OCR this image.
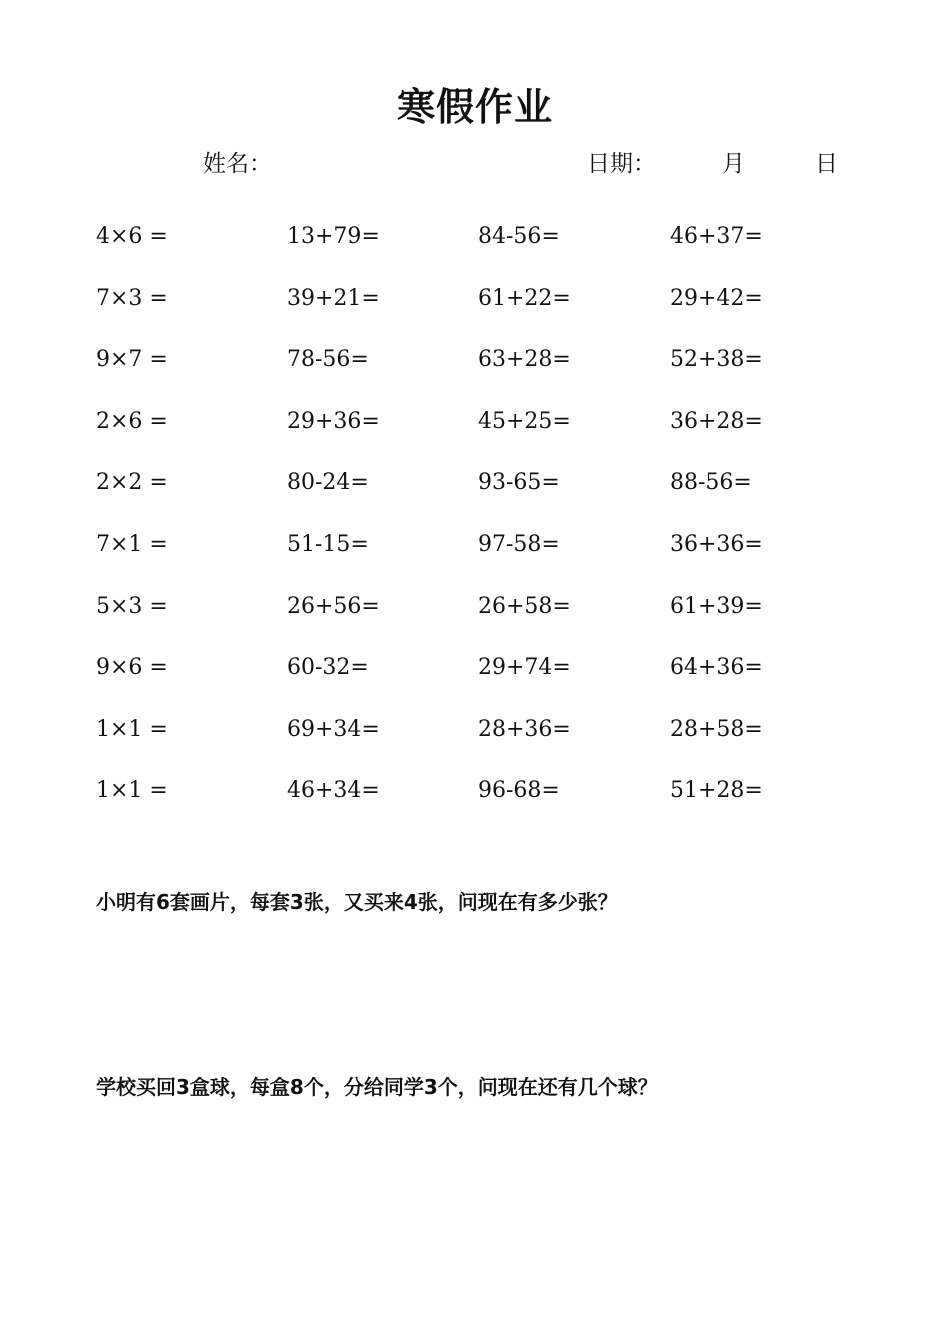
寒假作业
姓名：	日期：	月	日
4×6 =	13+79=	84-56=	46+37=
7×3 =	39+21=	61+22=	29+42=
9×7 =	78-56=	63+28=	52+38=
2×6 =	29+36=	45+25=	36+28=
2×2 =	80-24=	93-65=	88-56=
7×1 =	51-15=	97-58=	36+36=
5×3 =	26+56=	26+58=	61+39=
9×6 =	60-32=	29+74=	64+36=
1×1 =	69+34=	28+36=	28+58=
1×1 =	46+34=	96-68=	51+28=
小明有6套画片，每套3张，又买来4张，问现在有多少张？
学校买回3盒球，每盒8个，分给同学3个，问现在还有几个球？
